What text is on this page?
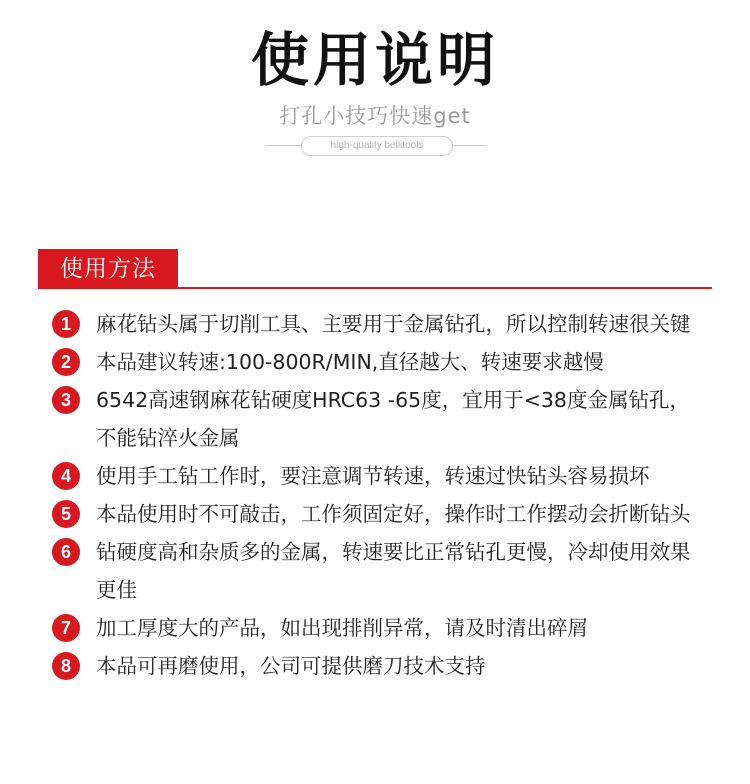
使用说明
打孔小技巧快速get
high-quality beilitools
使用方法
1	麻花钻头属于切削工具、主要用于金属钻孔，所以控制转速很关键
2	本品建议转速:100-800R/MIN,直径越大、转速要求越慢
3	6542高速钢麻花钻硬度HRC63 -65度，宜用于<38度金属钻孔，不能钻淬火金属
4	使用手工钻工作时，要注意调节转速，转速过快钻头容易损坏
5	本品使用时不可敲击，工作须固定好，操作时工作摆动会折断钻头
6	钻硬度高和杂质多的金属，转速要比正常钻孔更慢，冷却使用效果更佳
7	加工厚度大的产品，如出现排削异常，请及时清出碎屑
8	本品可再磨使用，公司可提供磨刀技术支持
